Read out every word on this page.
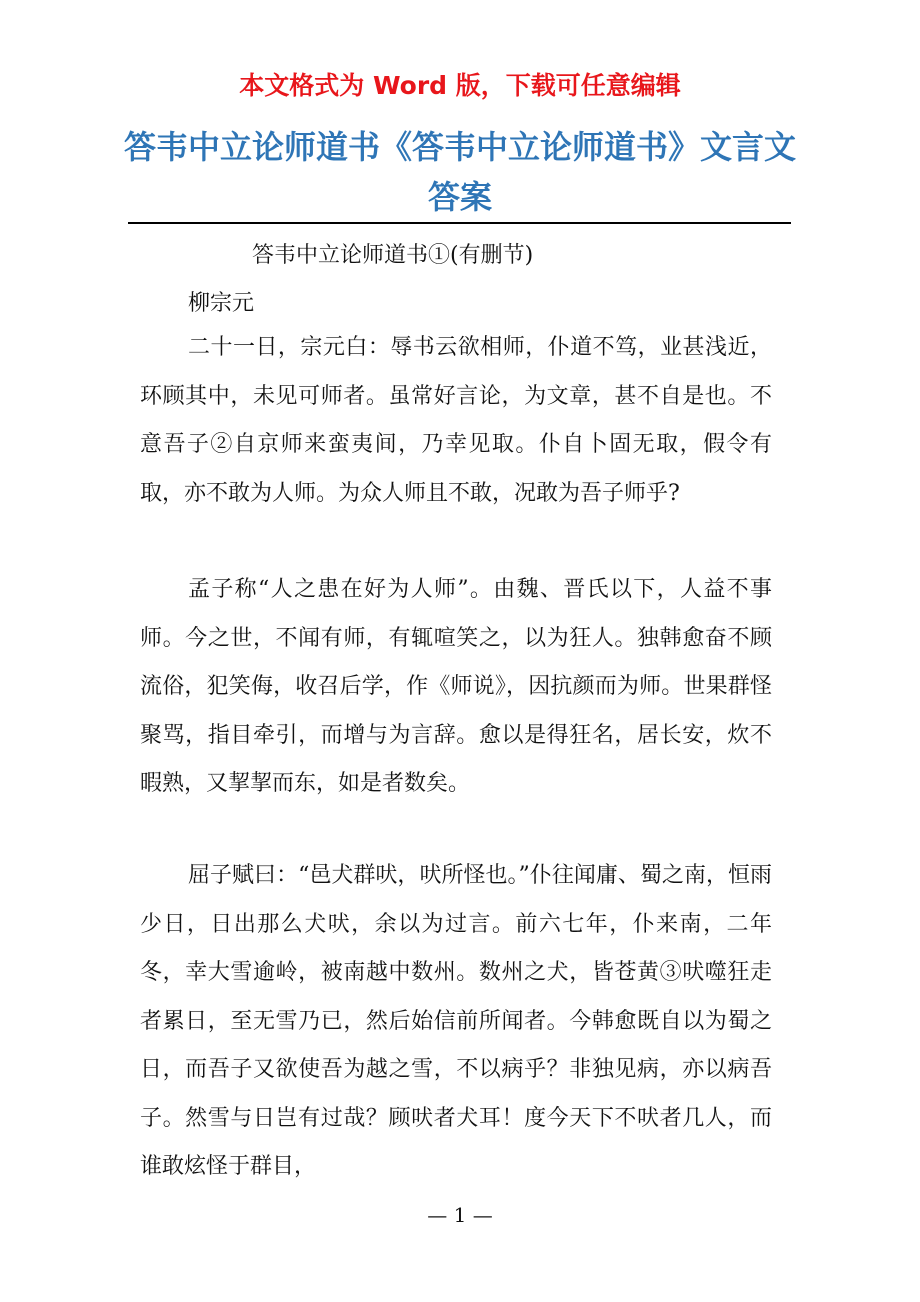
本文格式为 Word 版，下载可任意编辑
答韦中立论师道书《答韦中立论师道书》文言文答案
答韦中立论师道书①(有删节)
柳宗元

二十一日，宗元白：辱书云欲相师，仆道不笃，业甚浅近，环顾其中，未见可师者。虽常好言论，为文章，甚不自是也。不意吾子②自京师来蛮夷间，乃幸见取。仆自卜固无取，假令有取，亦不敢为人师。为众人师且不敢，况敢为吾子师乎?

孟子称“人之患在好为人师”。由魏、晋氏以下，人益不事师。今之世，不闻有师，有辄喧笑之，以为狂人。独韩愈奋不顾流俗，犯笑侮，收召后学，作《师说》，因抗颜而为师。世果群怪聚骂，指目牵引，而增与为言辞。愈以是得狂名，居长安，炊不暇熟，又挈挈而东，如是者数矣。

屈子赋曰：“邑犬群吠，吠所怪也。”仆往闻庸、蜀之南，恒雨少日，日出那么犬吠，余以为过言。前六七年，仆来南，二年冬，幸大雪逾岭，被南越中数州。数州之犬，皆苍黄③吠噬狂走者累日，至无雪乃已，然后始信前所闻者。今韩愈既自以为蜀之日，而吾子又欲使吾为越之雪，不以病乎？非独见病，亦以病吾子。然雪与日岂有过哉？顾吠者犬耳！度今天下不吠者几人，而谁敢炫怪于群目，

— 1 —
